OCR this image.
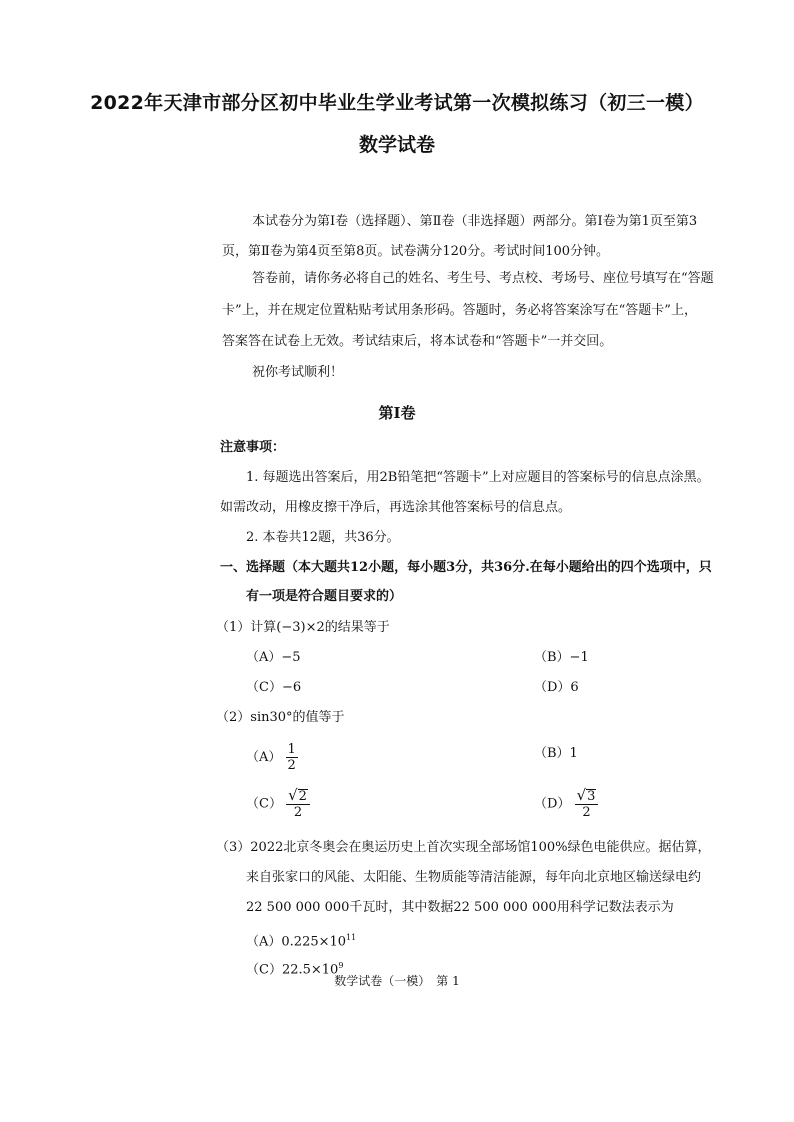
2022年天津市部分区初中毕业生学业考试第一次模拟练习（初三一模）
数学试卷
本试卷分为第Ⅰ卷（选择题）、第Ⅱ卷（非选择题）两部分。第Ⅰ卷为第1页至第3
页，第Ⅱ卷为第4页至第8页。试卷满分120分。考试时间100分钟。
答卷前，请你务必将自己的姓名、考生号、考点校、考场号、座位号填写在“答题
卡”上，并在规定位置粘贴考试用条形码。答题时，务必将答案涂写在“答题卡”上，
答案答在试卷上无效。考试结束后，将本试卷和“答题卡”一并交回。
祝你考试顺利！
第Ⅰ卷
注意事项：
1. 每题选出答案后，用2B铅笔把“答题卡”上对应题目的答案标号的信息点涂黑。
如需改动，用橡皮擦干净后，再选涂其他答案标号的信息点。
2. 本卷共12题，共36分。
一、选择题（本大题共12小题，每小题3分，共36分.在每小题给出的四个选项中，只
有一项是符合题目要求的）
（1）计算(−3)×2的结果等于
（A）−5	（B）−1
（C）−6	（D）6
（2）sin30°的值等于
$(A) \frac{1}{2}$	（B）1
$(C) \frac{√ 2}{2}$	$(D) \frac{√ 3}{2}$
（3）2022北京冬奥会在奥运历史上首次实现全部场馆100%绿色电能供应。据估算，
来自张家口的风能、太阳能、生物质能等清洁能源，每年向北京地区输送绿电约
22 500 000 000千瓦时，其中数据22 500 000 000用科学记数法表示为
$(A)0.225\times 10^{11}$
$(C)22.5\times 10^9$
数学试卷（一模）　第 1
